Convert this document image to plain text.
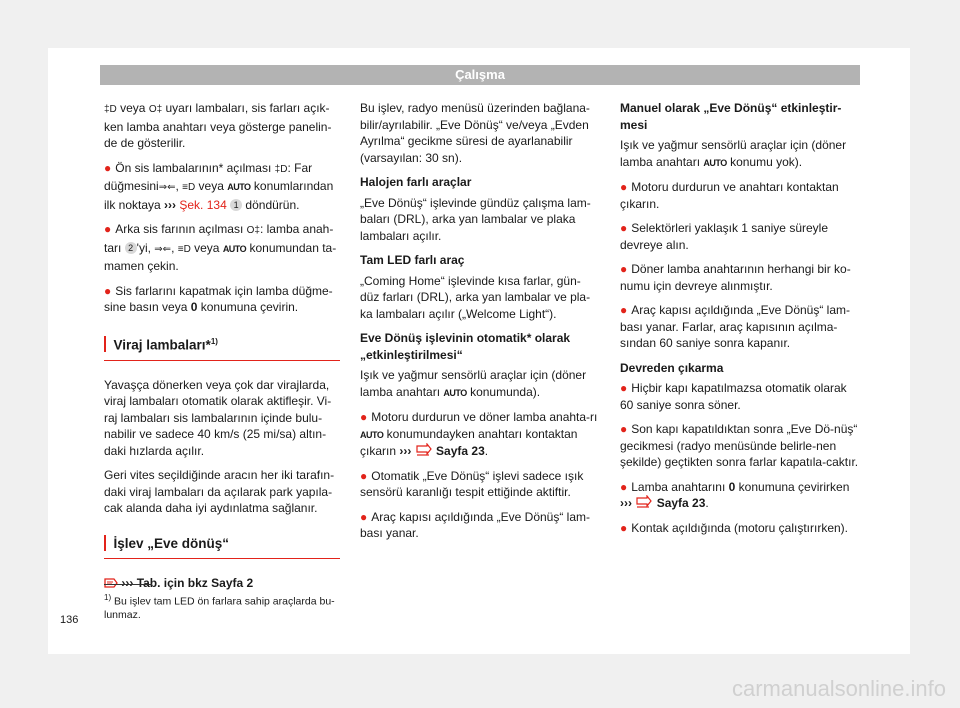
Çalışma

‡D veya O‡ uyarı lambaları, sis farları açık-ken lamba anahtarı veya gösterge panelin-de de gösterilir.

● Ön sis lambalarının* açılması ‡D: Far düğmesini⇒⇐, ≡D veya AUTO konumlarından ilk noktaya ››› Şek. 134 1 döndürün.

● Arka sis farının açılması O‡: lamba anah-tarı 2 'yi, ⇒⇐, ≡D veya AUTO konumundan ta-mamen çekin.

● Sis farlarını kapatmak için lamba düğme-sine basın veya 0 konumuna çevirin.

Viraj lambaları*$^{1)}$

Yavaşça dönerken veya çok dar virajlarda, viraj lambaları otomatik olarak aktifleşir. Vi-raj lambaları sis lambalarının içinde bulu-nabilir ve sadece 40 km/s (25 mi/sa) altın-daki hızlarda açılır.

Geri vites seçildiğinde aracın her iki tarafın-daki viraj lambaları da açılarak park yapıla-cak alanda daha iyi aydınlatma sağlanır.

İşlev „Eve dönüş“

››› Tab. için bkz Sayfa 2

Bu işlev, radyo menüsü üzerinden bağlana-bilir/ayrılabilir. „Eve Dönüş“ ve/veya „Evden Ayrılma“ gecikme süresi de ayarlanabilir (varsayılan: 30 sn).

Halojen farlı araçlar

„Eve Dönüş“ işlevinde gündüz çalışma lam-baları (DRL), arka yan lambalar ve plaka lambaları açılır.

Tam LED farlı araç

„Coming Home“ işlevinde kısa farlar, gün-düz farları (DRL), arka yan lambalar ve pla-ka lambaları açılır („Welcome Light“).

Eve Dönüş işlevinin otomatik* olarak „etkinleştirilmesi“

Işık ve yağmur sensörlü araçlar için (döner lamba anahtarı AUTO konumunda).

● Motoru durdurun ve döner lamba anahta-rı AUTO konumundayken anahtarı kontaktan çıkarın ››› Sayfa 23.

● Otomatik „Eve Dönüş“ işlevi sadece ışık sensörü karanlığı tespit ettiğinde aktiftir.

● Araç kapısı açıldığında „Eve Dönüş“ lam-bası yanar.

Manuel olarak „Eve Dönüş“ etkinleştir-mesi

Işık ve yağmur sensörlü araçlar için (döner lamba anahtarı AUTO konumu yok).

● Motoru durdurun ve anahtarı kontaktan çıkarın.

● Selektörleri yaklaşık 1 saniye süreyle devreye alın.

● Döner lamba anahtarının herhangi bir ko-numu için devreye alınmıştır.

● Araç kapısı açıldığında „Eve Dönüş“ lam-bası yanar. Farlar, araç kapısının açılma-sından 60 saniye sonra kapanır.

Devreden çıkarma

● Hiçbir kapı kapatılmazsa otomatik olarak 60 saniye sonra söner.

● Son kapı kapatıldıktan sonra „Eve Dö-nüş“ gecikmesi (radyo menüsünde belirle-nen şekilde) geçtikten sonra farlar kapatıla-caktır.

● Lamba anahtarını 0 konumuna çevirirken
››› Sayfa 23.

● Kontak açıldığında (motoru çalıştırırken).

$^{1)}$ Bu işlev tam LED ön farlara sahip araçlarda bu-lunmaz.
136
carmanualsonline.info
